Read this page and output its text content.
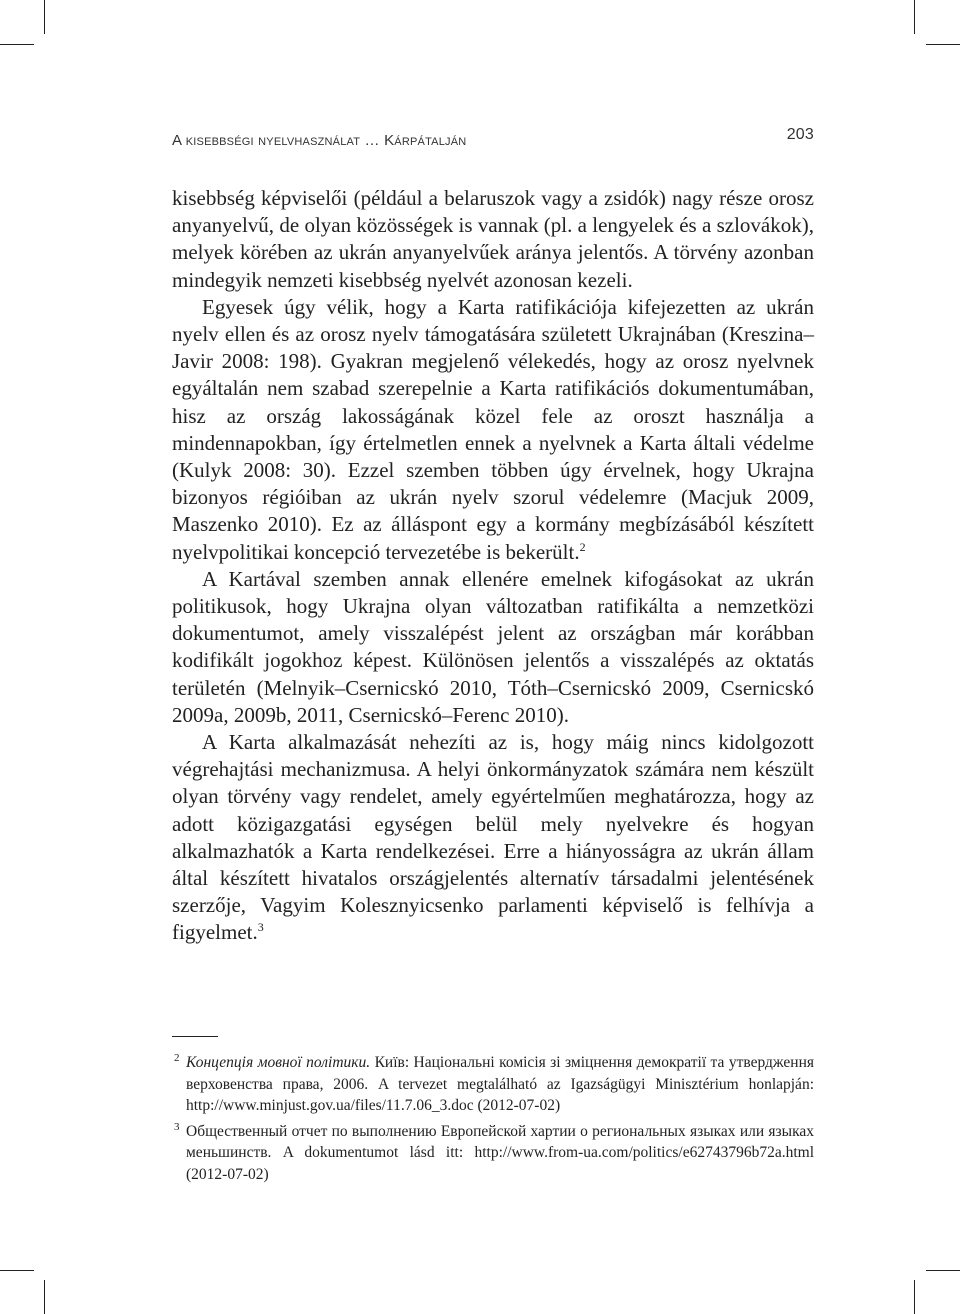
A kisebbségi nyelvhasználat … Kárpátalján	203

kisebbség képviselői (például a belaruszok vagy a zsidók) nagy része orosz anyanyelvű, de olyan közösségek is vannak (pl. a lengyelek és a szlovákok), melyek körében az ukrán anyanyelvűek aránya jelentős. A törvény azonban mindegyik nemzeti kisebbség nyelvét azonosan kezeli.

Egyesek úgy vélik, hogy a Karta ratifikációja kifejezetten az ukrán nyelv ellen és az orosz nyelv támogatására született Ukrajnában (Kreszina–Javir 2008: 198). Gyakran megjelenő vélekedés, hogy az orosz nyelvnek egyáltalán nem szabad szerepelnie a Karta ratifikációs dokumentumában, hisz az ország lakosságának közel fele az oroszt használja a mindennapokban, így értelmetlen ennek a nyelvnek a Karta általi védelme (Kulyk 2008: 30). Ezzel szemben többen úgy érvelnek, hogy Ukrajna bizonyos régióiban az ukrán nyelv szorul védelemre (Macjuk 2009, Maszenko 2010). Ez az álláspont egy a kormány megbízásából készített nyelvpolitikai koncepció tervezetébe is bekerült.$^2$

A Kartával szemben annak ellenére emelnek kifogásokat az ukrán politikusok, hogy Ukrajna olyan változatban ratifikálta a nemzetközi dokumentumot, amely visszalépést jelent az országban már korábban kodifikált jogokhoz képest. Különösen jelentős a visszalépés az oktatás területén (Melnyik–Csernicskó 2010, Tóth–Csernicskó 2009, Csernicskó 2009a, 2009b, 2011, Csernicskó–Ferenc 2010).

A Karta alkalmazását nehezíti az is, hogy máig nincs kidolgozott végrehajtási mechanizmusa. A helyi önkormányzatok számára nem készült olyan törvény vagy rendelet, amely egyértelműen meghatározza, hogy az adott közigazgatási egységen belül mely nyelvekre és hogyan alkalmazhatók a Karta rendelkezései. Erre a hiányosságra az ukrán állam által készített hivatalos országjelentés alternatív társadalmi jelentésének szerzője, Vagyim Kolesznyicsenko parlamenti képviselő is felhívja a figyelmet.$^3$

2 Концепція мовної політики. Київ: Національні комісія зі зміцнення демократії та утвердження верховенства права, 2006. A tervezet megtalálható az Igazságügyi Minisztérium honlapján: http://www.minjust.gov.ua/files/11.7.06_3.doc (2012-07-02)
3 Общественный отчет по выполнению Европейской хартии о региональных языках или языках меньшинств. A dokumentumot lásd itt: http://www.from-ua.com/politics/e62743796b72a.html (2012-07-02)
